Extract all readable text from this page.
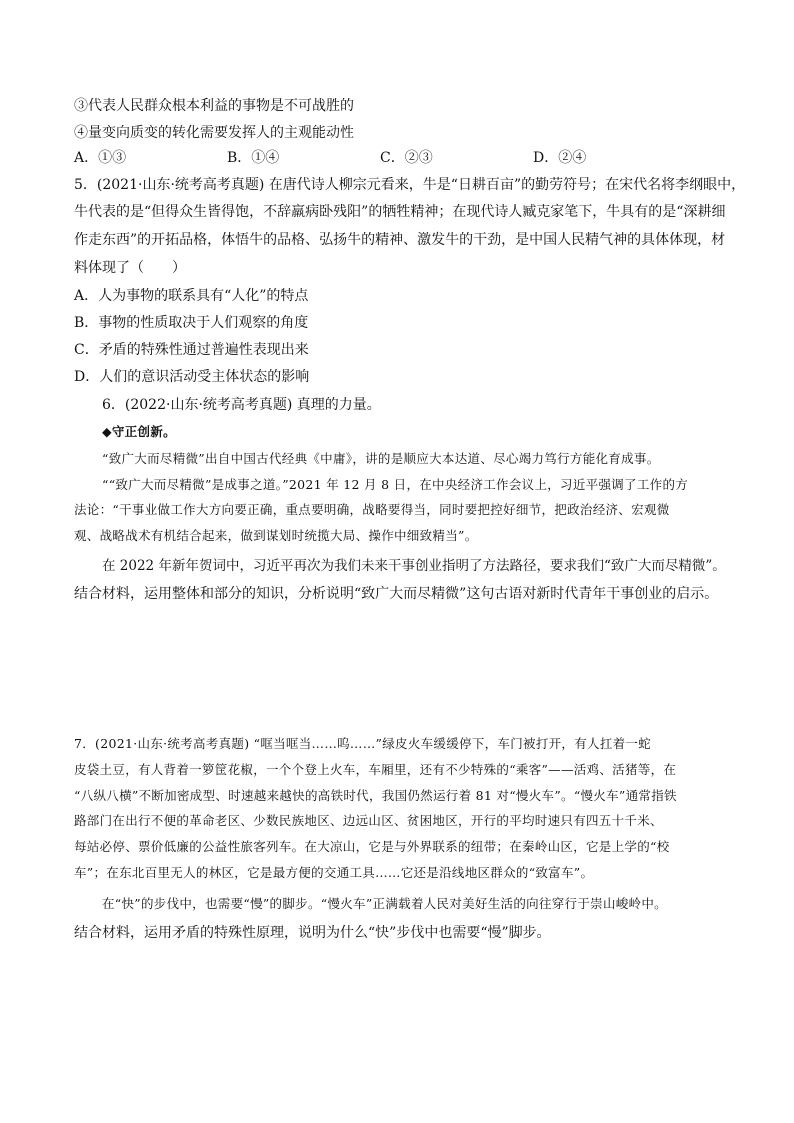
③代表人民群众根本利益的事物是不可战胜的
④量变向质变的转化需要发挥人的主观能动性
A．①③	B．①④	C．②③	D．②④
5．(2021·山东·统考高考真题) 在唐代诗人柳宗元看来，牛是“日耕百亩”的勤劳符号；在宋代名将李纲眼中，
牛代表的是“但得众生皆得饱，不辞羸病卧残阳”的牺牲精神；在现代诗人臧克家笔下，牛具有的是“深耕细
作走东西”的开拓品格，体悟牛的品格、弘扬牛的精神、激发牛的干劲，是中国人民精气神的具体体现，材
料体现了（　　）
A．人为事物的联系具有“人化”的特点
B．事物的性质取决于人们观察的角度
C．矛盾的特殊性通过普遍性表现出来
D．人们的意识活动受主体状态的影响
6．(2022·山东·统考高考真题) 真理的力量。
◆守正创新。
“致广大而尽精微”出自中国古代经典《中庸》，讲的是顺应大本达道、尽心竭力笃行方能化育成事。
““致广大而尽精微”是成事之道。”2021 年 12 月 8 日，在中央经济工作会议上，习近平强调了工作的方
法论：“干事业做工作大方向要正确，重点要明确，战略要得当，同时要把控好细节，把政治经济、宏观微
观、战略战术有机结合起来，做到谋划时统揽大局、操作中细致精当”。
在 2022 年新年贺词中，习近平再次为我们未来干事创业指明了方法路径，要求我们“致广大而尽精微”。
结合材料，运用整体和部分的知识，分析说明“致广大而尽精微”这句古语对新时代青年干事创业的启示。
7．(2021·山东·统考高考真题) “哐当哐当……呜……”绿皮火车缓缓停下，车门被打开，有人扛着一蛇
皮袋土豆，有人背着一箩筐花椒，一个个登上火车，车厢里，还有不少特殊的“乘客”——活鸡、活猪等，在
“八纵八横”不断加密成型、时速越来越快的高铁时代，我国仍然运行着 81 对“慢火车”。“慢火车”通常指铁
路部门在出行不便的革命老区、少数民族地区、边远山区、贫困地区，开行的平均时速只有四五十千米、
每站必停、票价低廉的公益性旅客列车。在大凉山，它是与外界联系的纽带；在秦岭山区，它是上学的“校
车”；在东北百里无人的林区，它是最方便的交通工具……它还是沿线地区群众的“致富车”。
在“快”的步伐中，也需要“慢”的脚步。“慢火车”正满载着人民对美好生活的向往穿行于崇山峻岭中。
结合材料，运用矛盾的特殊性原理，说明为什么“快”步伐中也需要“慢”脚步。
